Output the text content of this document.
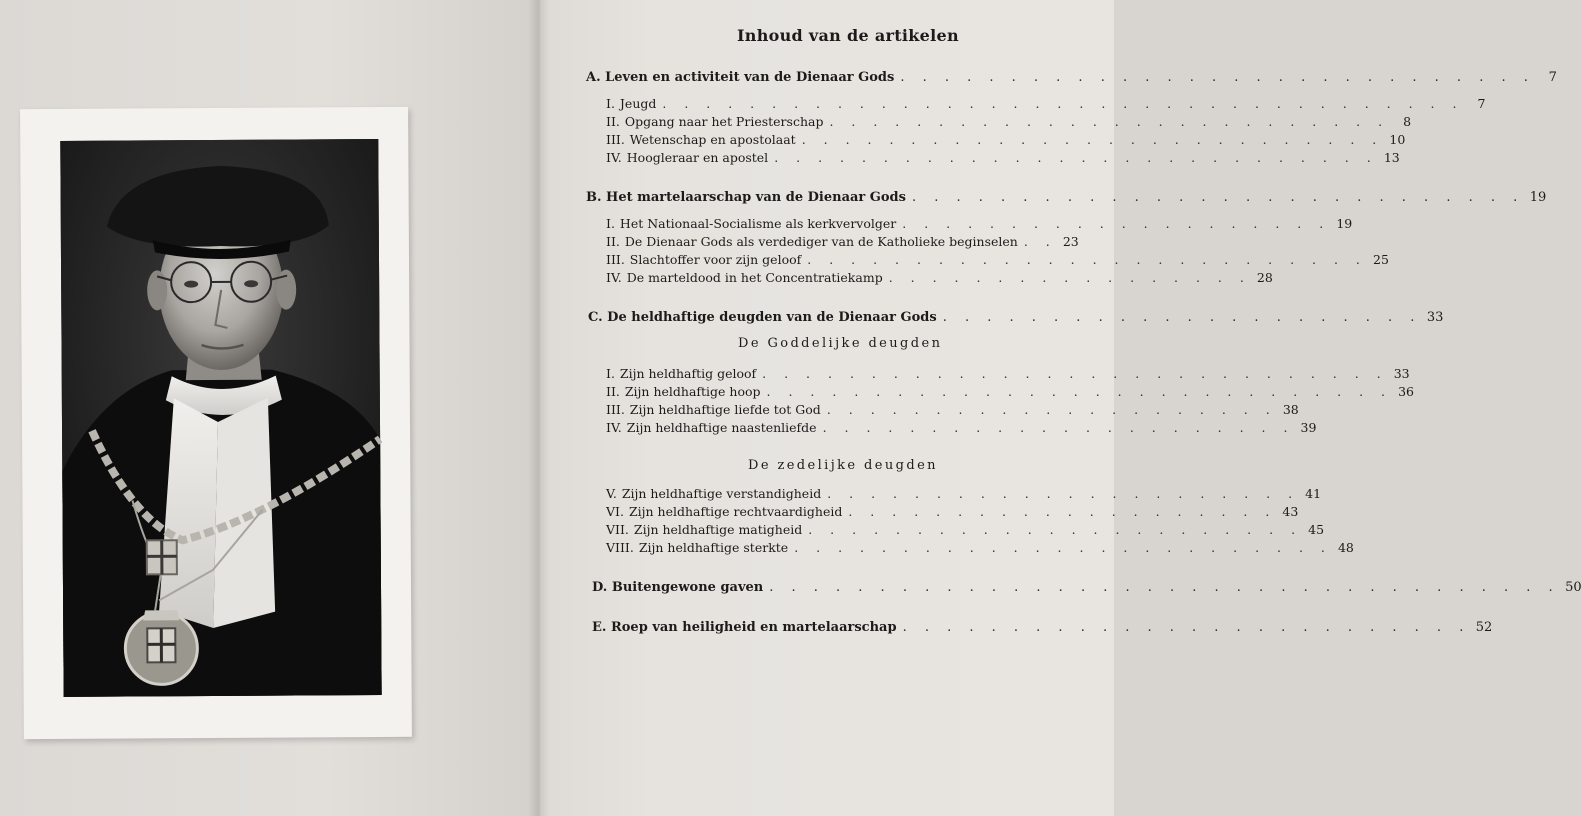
Inhoud van de artikelen
A. Leven en activiteit van de Dienaar Gods . . . . . . . . . . . . . . . . . . . . . . . . . . . . .	7
I. Jeugd . . . . . . . . . . . . . . . . . . . . . . . . . . . . . . . . . . . . .	7
II. Opgang naar het Priesterschap . . . . . . . . . . . . . . . . . . . . . . . . . .	8
III. Wetenschap en apostolaat . . . . . . . . . . . . . . . . . . . . . . . . . . . 10
IV. Hoogleraar en apostel . . . . . . . . . . . . . . . . . . . . . . . . . . . . 13
B. Het martelaarschap van de Dienaar Gods . . . . . . . . . . . . . . . . . . . . . . . . . . . . 19
I. Het Nationaal-Socialisme als kerkvervolger . . . . . . . . . . . . . . . . . . . . 19
II. De Dienaar Gods als verdediger van de Katholieke beginselen . . 23
III. Slachtoffer voor zijn geloof . . . . . . . . . . . . . . . . . . . . . . . . . . 25
IV. De marteldood in het Concentratiekamp . . . . . . . . . . . . . . . . . 28
C. De heldhaftige deugden van de Dienaar Gods . . . . . . . . . . . . . . . . . . . . . . 33
De Goddelijke deugden
I. Zijn heldhaftig geloof . . . . . . . . . . . . . . . . . . . . . . . . . . . . . 33
II. Zijn heldhaftige hoop . . . . . . . . . . . . . . . . . . . . . . . . . . . . . 36
III. Zijn heldhaftige liefde tot God . . . . . . . . . . . . . . . . . . . . . 38
IV. Zijn heldhaftige naastenliefde . . . . . . . . . . . . . . . . . . . . . . 39
De zedelijke deugden
V. Zijn heldhaftige verstandigheid . . . . . . . . . . . . . . . . . . . . . . 41
VI. Zijn heldhaftige rechtvaardigheid . . . . . . . . . . . . . . . . . . . . 43
VII. Zijn heldhaftige matigheid . . . . . . . . . . . . . . . . . . . . . . . 45
VIII. Zijn heldhaftige sterkte . . . . . . . . . . . . . . . . . . . . . . . . . 48
D. Buitengewone gaven . . . . . . . . . . . . . . . . . . . . . . . . . . . . . . . . . . . . 50
E. Roep van heiligheid en martelaarschap . . . . . . . . . . . . . . . . . . . . . . . . . . 52
